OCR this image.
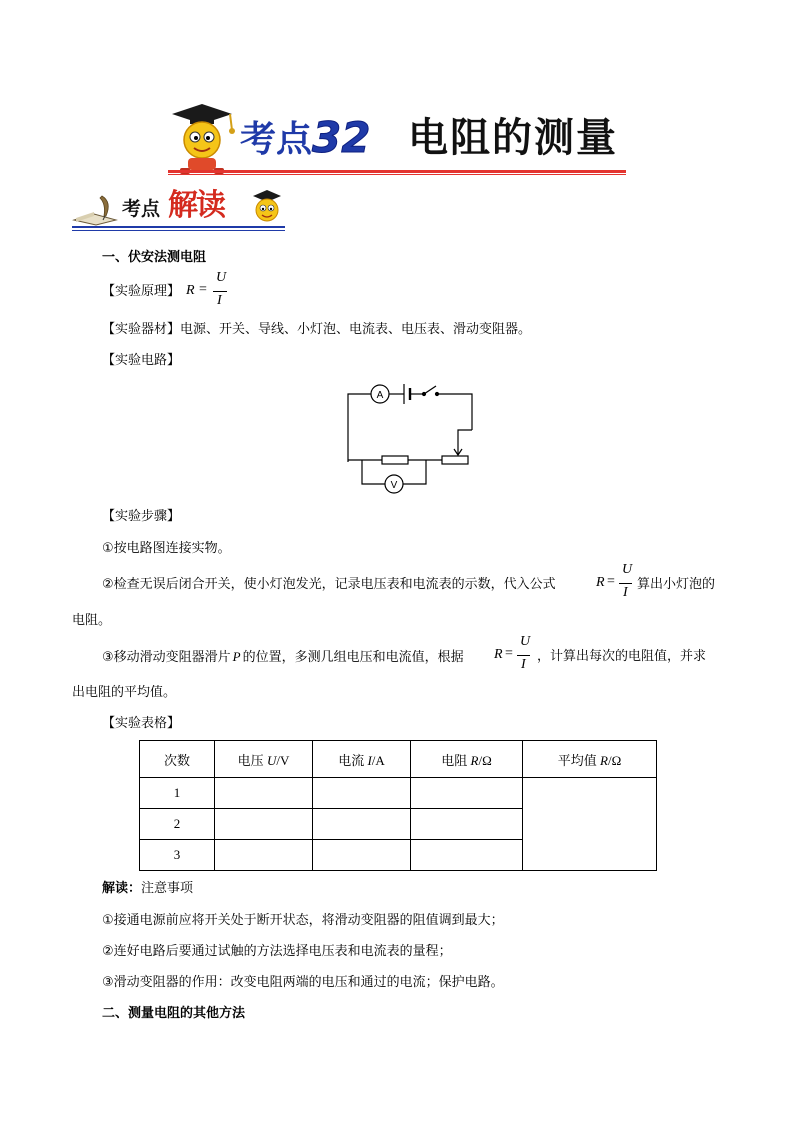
考点 32 电阻的测量
考点 解读
一、伏安法测电阻
【实验原理】 R =
U
I
【实验器材】电源、开关、导线、小灯泡、电流表、电压表、滑动变阻器。
【实验电路】
A
V
【实验步骤】
①按电路图连接实物。
②检查无误后闭合开关，使小灯泡发光，记录电压表和电流表的示数，代入公式	R =
U
I
算出小灯泡的
电阻。
③移动滑动变阻器滑片 P 的位置，多测几组电压和电流值，根据 R =
U
I
，计算出每次的电阻值，并求
出电阻的平均值。
【实验表格】
次数	电压 U/V	电流 I/A	电阻 R/Ω	平均值 R/Ω
1				
2				
3				
解读：注意事项
①接通电源前应将开关处于断开状态，将滑动变阻器的阻值调到最大；
②连好电路后要通过试触的方法选择电压表和电流表的量程；
③滑动变阻器的作用：改变电阻两端的电压和通过的电流；保护电路。
二、测量电阻的其他方法
